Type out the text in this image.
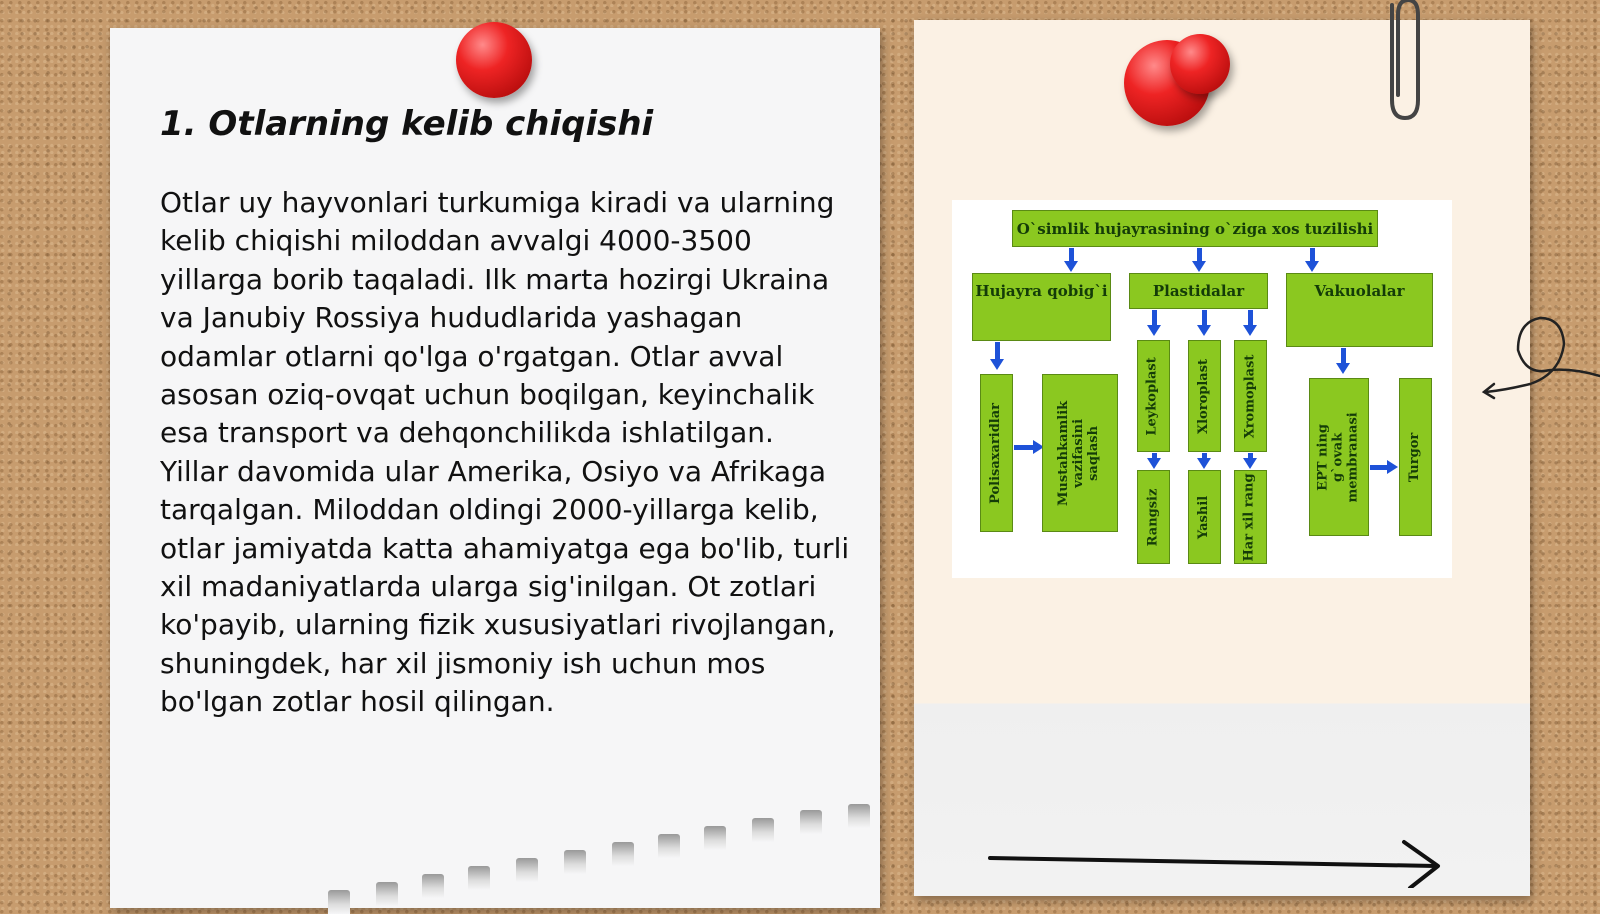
1. Otlarning kelib chiqishi

Otlar uy hayvonlari turkumiga kiradi va ularning kelib chiqishi miloddan avvalgi 4000-3500 yillarga borib taqaladi. Ilk marta hozirgi Ukraina va Janubiy Rossiya hududlarida yashagan odamlar otlarni qo'lga o'rgatgan. Otlar avval asosan oziq-ovqat uchun boqilgan, keyinchalik esa transport va dehqonchilikda ishlatilgan. Yillar davomida ular Amerika, Osiyo va Afrikaga tarqalgan. Miloddan oldingi 2000-yillarga kelib, otlar jamiyatda katta ahamiyatga ega bo'lib, turli xil madaniyatlarda ularga sig'inilgan. Ot zotlari ko'payib, ularning fizik xususiyatlari rivojlangan, shuningdek, har xil jismoniy ish uchun mos bo'lgan zotlar hosil qilingan.

O`simlik hujayrasining o`ziga xos tuzilishi
Hujayra qobig`i	Plastidalar	Vakuolalar
Polisaxaridlar	Mustahkamlik vazifasini saqlash
Leykoplast	Xloroplast Xromoplast
Rangsiz	Yashil Har xil rang
EPT ning g`ovak membranasi	Turgor
